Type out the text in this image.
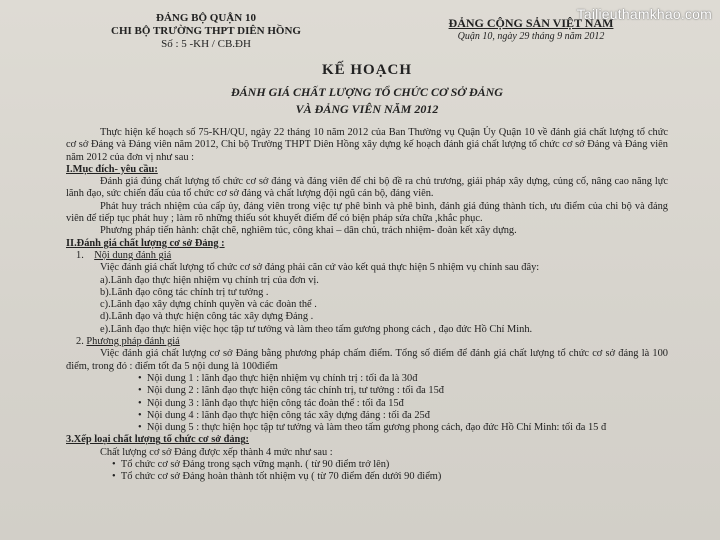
Tailieuthamkhao.com
ĐẢNG BỘ QUẬN 10
CHI BỘ TRƯỜNG THPT DIÊN HỒNG
Số : 5 -KH / CB.ĐH
ĐẢNG CỘNG SẢN VIỆT NAM
Quận 10, ngày 29 tháng 9 năm 2012
KẾ HOẠCH
ĐÁNH GIÁ CHẤT LƯỢNG TỔ CHỨC CƠ SỞ ĐẢNG
VÀ ĐẢNG VIÊN NĂM 2012

Thực hiện kế hoạch số 75-KH/QU, ngày 22 tháng 10 năm 2012 của Ban Thường vụ Quận Ủy Quận 10 về đánh giá chất lượng tổ chức cơ sở Đảng và Đảng viên năm 2012, Chi bộ Trường THPT Diên Hồng xây dựng kế hoạch đánh giá chất lượng tổ chức cơ sở Đảng và Đảng viên năm 2012 của đơn vị như sau :

I.Mục đích- yêu cầu:

Đánh giá đúng chất lượng tổ chức cơ sở đảng và đảng viên để chi bộ đề ra chủ trương, giải pháp xây dựng, củng cố, nâng cao năng lực lãnh đạo, sức chiến đấu của tổ chức cơ sở đảng và chất lượng đội ngũ cán bộ, đảng viên.

Phát huy trách nhiệm của cấp ủy, đảng viên trong việc tự phê bình và phê bình, đánh giá đúng thành tích, ưu điểm của chi bộ và đảng viên để tiếp tục phát huy ; làm rõ những thiếu sót khuyết điểm để có biện pháp sửa chữa ,khắc phục.

Phương pháp tiến hành: chặt chẽ, nghiêm túc, công khai – dân chủ, trách nhiệm- đoàn kết xây dựng.

II.Đánh giá chất lượng cơ sở Đảng :

1. Nội dung đánh giá

Việc đánh giá chất lượng tổ chức cơ sở đảng phải căn cứ vào kết quả thực hiện 5 nhiệm vụ chính sau đây:

a).Lãnh đạo thực hiện nhiệm vụ chính trị của đơn vị.

b).Lãnh đạo công tác chính trị tư tưởng .

c).Lãnh đạo xây dựng chính quyền và các đoàn thể .

d).Lãnh đạo và thực hiện công tác xây dựng Đảng .

e).Lãnh đạo thực hiện việc học tập tư tưởng và làm theo tấm gương phong cách , đạo đức Hồ Chí Minh.

2. Phương pháp đánh giá

Việc đánh giá chất lượng cơ sở Đảng bằng phương pháp chấm điểm. Tổng số điểm để đánh giá chất lượng tổ chức cơ sở đảng là 100 điểm, trong đó : điểm tốt đa 5 nội dung là 100điểm

•  Nội dung 1 : lãnh đạo thực hiện nhiệm vụ chính trị : tối đa là 30đ

•  Nội dung 2 : lãnh đạo thực hiện công tác chính trị, tư tưởng : tối đa 15đ

•  Nội dung 3 : lãnh đạo thực hiện công tác đoàn thể : tối đa 15đ

•  Nội dung 4 : lãnh đạo thực hiện công tác xây dựng đảng : tối đa 25đ

•  Nội dung 5 : thực hiện học tập tư tưởng và làm theo tấm gương phong cách, đạo đức Hồ Chí Minh: tối đa 15 đ

3.Xếp loại chất lượng tổ chức cơ sở đảng:

Chất lượng cơ sở Đảng được xếp thành 4 mức như sau :

•  Tổ chức cơ sở Đảng trong sạch vững mạnh. ( từ 90 điểm trở lên)

•  Tổ chức cơ sở Đảng hoàn thành tốt nhiệm vụ ( từ 70 điểm đến dưới 90 điểm)
